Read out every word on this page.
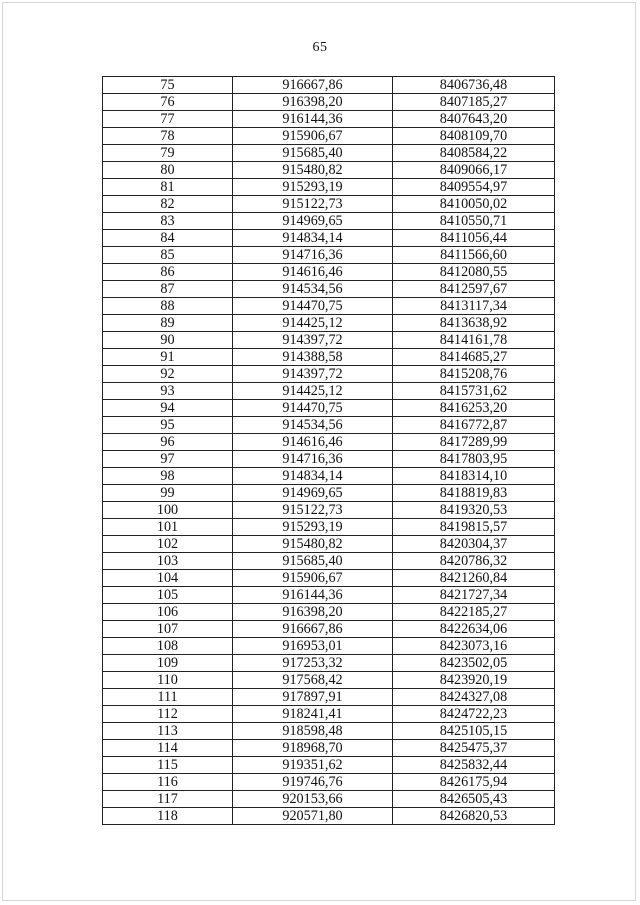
65
75	916667,86	8406736,48
76	916398,20	8407185,27
77	916144,36	8407643,20
78	915906,67	8408109,70
79	915685,40	8408584,22
80	915480,82	8409066,17
81	915293,19	8409554,97
82	915122,73	8410050,02
83	914969,65	8410550,71
84	914834,14	8411056,44
85	914716,36	8411566,60
86	914616,46	8412080,55
87	914534,56	8412597,67
88	914470,75	8413117,34
89	914425,12	8413638,92
90	914397,72	8414161,78
91	914388,58	8414685,27
92	914397,72	8415208,76
93	914425,12	8415731,62
94	914470,75	8416253,20
95	914534,56	8416772,87
96	914616,46	8417289,99
97	914716,36	8417803,95
98	914834,14	8418314,10
99	914969,65	8418819,83
100	915122,73	8419320,53
101	915293,19	8419815,57
102	915480,82	8420304,37
103	915685,40	8420786,32
104	915906,67	8421260,84
105	916144,36	8421727,34
106	916398,20	8422185,27
107	916667,86	8422634,06
108	916953,01	8423073,16
109	917253,32	8423502,05
110	917568,42	8423920,19
111	917897,91	8424327,08
112	918241,41	8424722,23
113	918598,48	8425105,15
114	918968,70	8425475,37
115	919351,62	8425832,44
116	919746,76	8426175,94
117	920153,66	8426505,43
118	920571,80	8426820,53
